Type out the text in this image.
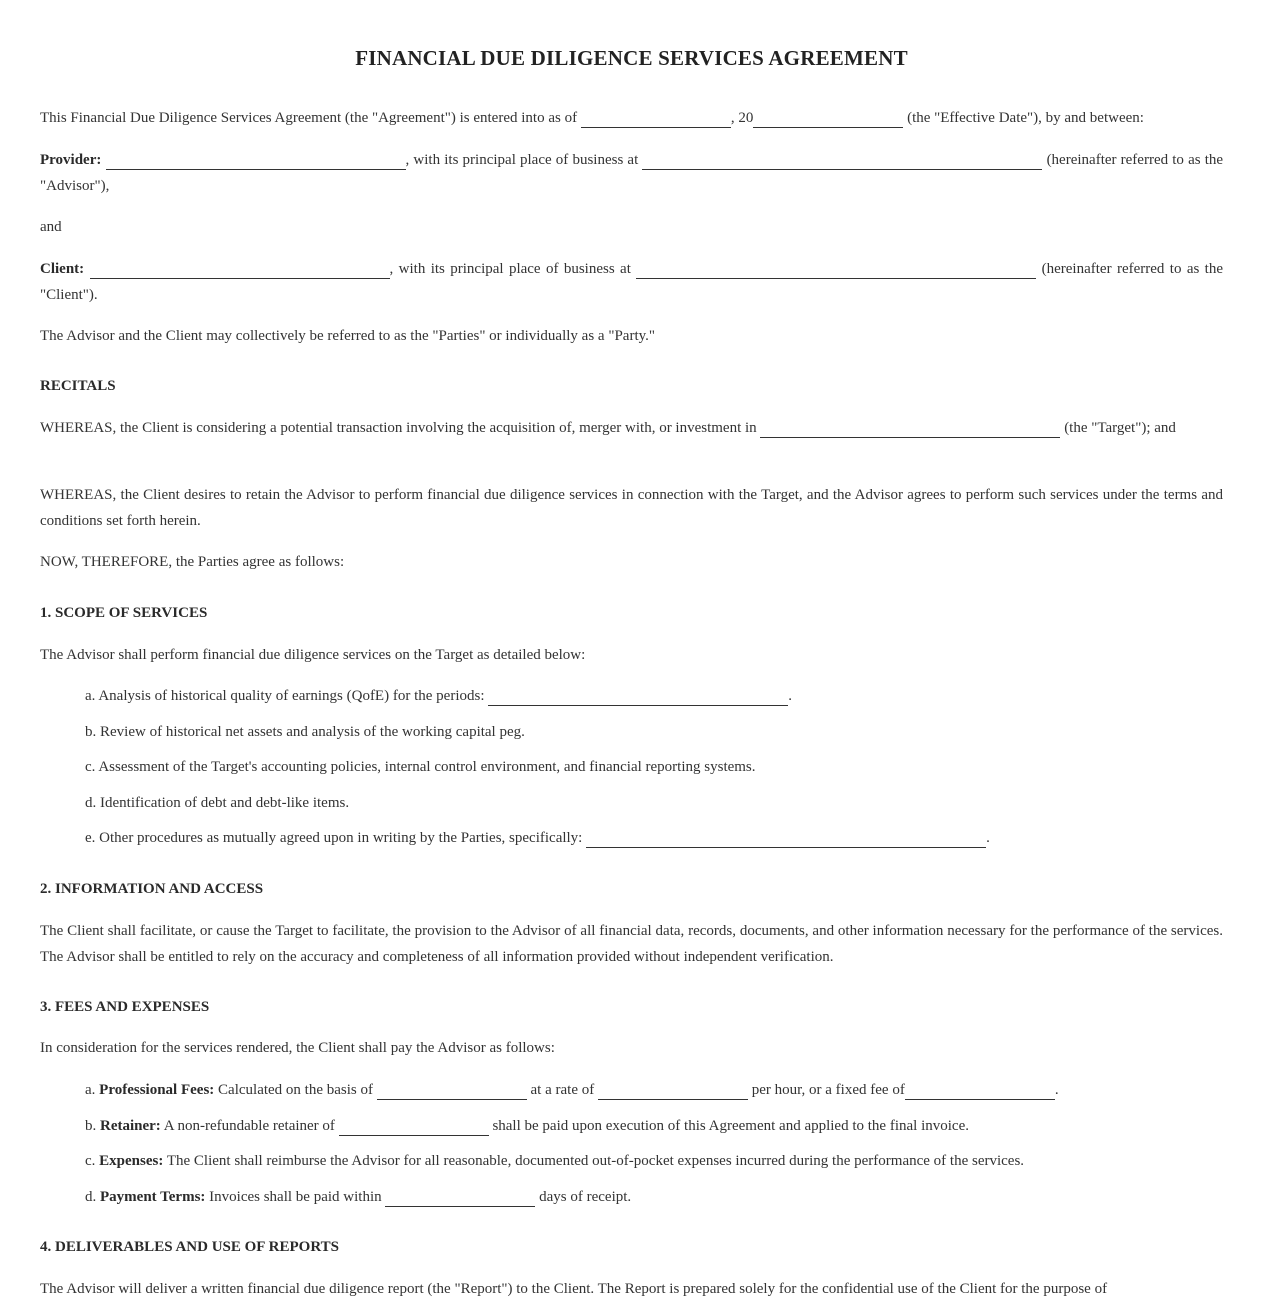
FINANCIAL DUE DILIGENCE SERVICES AGREEMENT

This Financial Due Diligence Services Agreement (the "Agreement") is entered into as of	, 20	(the "Effective Date"), by and between:

Provider:	, with its principal place of business at	(hereinafter referred to as the "Advisor"),

and

Client:	, with its principal place of business at	(hereinafter referred to as the "Client").

The Advisor and the Client may collectively be referred to as the "Parties" or individually as a "Party."

RECITALS

WHEREAS, the Client is considering a potential transaction involving the acquisition of, merger with, or investment in	(the "Target"); and

WHEREAS, the Client desires to retain the Advisor to perform financial due diligence services in connection with the Target, and the Advisor agrees to perform such services under the terms and conditions set forth herein.

NOW, THEREFORE, the Parties agree as follows:

1. SCOPE OF SERVICES

The Advisor shall perform financial due diligence services on the Target as detailed below:

a. Analysis of historical quality of earnings (QofE) for the periods:	.

b. Review of historical net assets and analysis of the working capital peg.

c. Assessment of the Target's accounting policies, internal control environment, and financial reporting systems.

d. Identification of debt and debt-like items.

e. Other procedures as mutually agreed upon in writing by the Parties, specifically:	.

2. INFORMATION AND ACCESS

The Client shall facilitate, or cause the Target to facilitate, the provision to the Advisor of all financial data, records, documents, and other information necessary for the performance of the services. The Advisor shall be entitled to rely on the accuracy and completeness of all information provided without independent verification.

3. FEES AND EXPENSES

In consideration for the services rendered, the Client shall pay the Advisor as follows:

a. Professional Fees: Calculated on the basis of	at a rate of	per hour, or a fixed fee of	.

b. Retainer: A non-refundable retainer of	shall be paid upon execution of this Agreement and applied to the final invoice.

c. Expenses: The Client shall reimburse the Advisor for all reasonable, documented out-of-pocket expenses incurred during the performance of the services.

d. Payment Terms: Invoices shall be paid within	days of receipt.

4. DELIVERABLES AND USE OF REPORTS

The Advisor will deliver a written financial due diligence report (the "Report") to the Client. The Report is prepared solely for the confidential use of the Client for the purpose of
